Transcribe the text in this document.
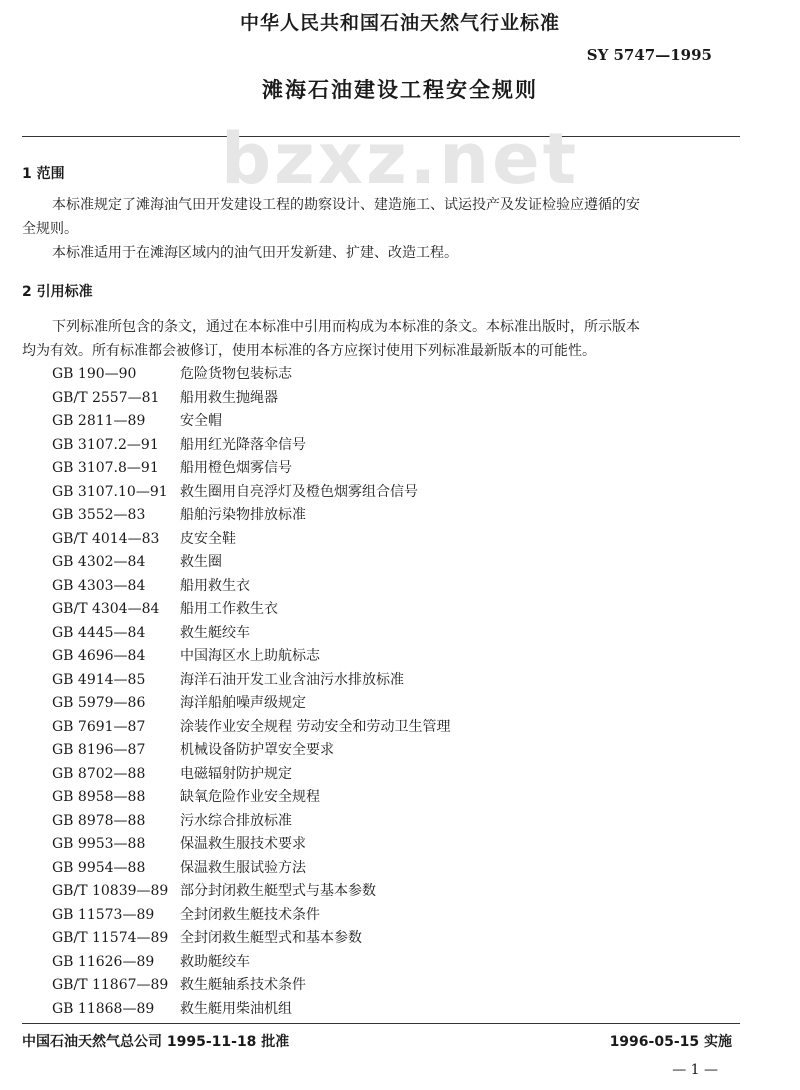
中华人民共和国石油天然气行业标准
SY 5747—1995
滩海石油建设工程安全规则
bzxz.net
1 范围
本标准规定了滩海油气田开发建设工程的勘察设计、建造施工、试运投产及发证检验应遵循的安
全规则。
本标准适用于在滩海区域内的油气田开发新建、扩建、改造工程。
2 引用标准
下列标准所包含的条文，通过在本标准中引用而构成为本标准的条文。本标准出版时，所示版本
均为有效。所有标准都会被修订，使用本标准的各方应探讨使用下列标准最新版本的可能性。
GB 190—90	危险货物包装标志
GB/T 2557—81 船用救生抛绳器
GB 2811—89 安全帽
GB 3107.2—91 船用红光降落伞信号
GB 3107.8—91 船用橙色烟雾信号
GB 3107.10—91 救生圈用自亮浮灯及橙色烟雾组合信号
GB 3552—83 船舶污染物排放标准
GB/T 4014—83 皮安全鞋
GB 4302—84 救生圈
GB 4303—84 船用救生衣
GB/T 4304—84 船用工作救生衣
GB 4445—84 救生艇绞车
GB 4696—84 中国海区水上助航标志
GB 4914—85 海洋石油开发工业含油污水排放标准
GB 5979—86 海洋船舶噪声级规定
GB 7691—87 涂装作业安全规程 劳动安全和劳动卫生管理
GB 8196—87 机械设备防护罩安全要求
GB 8702—88 电磁辐射防护规定
GB 8958—88 缺氧危险作业安全规程
GB 8978—88 污水综合排放标准
GB 9953—88 保温救生服技术要求
GB 9954—88 保温救生服试验方法
GB/T 10839—89 部分封闭救生艇型式与基本参数
GB 11573—89 全封闭救生艇技术条件
GB/T 11574—89 全封闭救生艇型式和基本参数
GB 11626—89 救助艇绞车
GB/T 11867—89 救生艇轴系技术条件
GB 11868—89 救生艇用柴油机组
中国石油天然气总公司 1995-11-18 批准	1996-05-15 实施
— 1 —
